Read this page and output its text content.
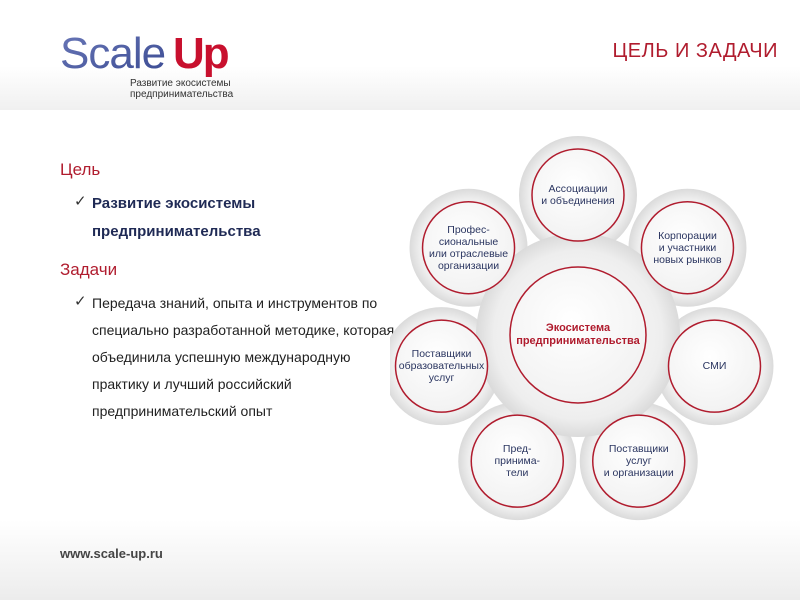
Scale Up
Развитие экосистемы
предпринимательства
ЦЕЛЬ И ЗАДАЧИ
Цель
✓ Развитие экосистемы предпринимательства
Задачи
✓ Передача знаний, опыта и инструментов по специально разработанной методике, которая объединила успешную международную практику и лучший российский предпринимательский опыт
Ассоциации
и объединения
Корпорации
и участники
новых рынков
СМИ
Поставщики
услуг
и организации
Пред-
принима-
тели
Поставщики
образовательных
услуг
Профес-
сиональные
или отраслевые
организации
Экосистема
предпринимательства
www.scale-up.ru
